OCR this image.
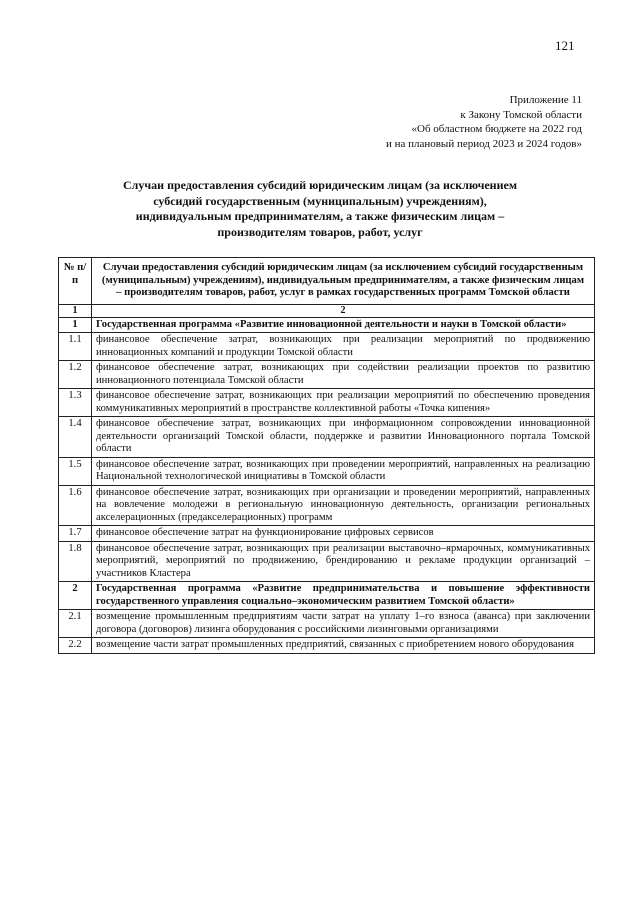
121
Приложение 11
к Закону Томской области
«Об областном бюджете на 2022 год
и на плановый период 2023 и 2024 годов»
Случаи предоставления субсидий юридическим лицам (за исключением
субсидий государственным (муниципальным) учреждениям),
индивидуальным предпринимателям, а также физическим лицам –
производителям товаров, работ, услуг
№ п/п	Случаи предоставления субсидий юридическим лицам (за исключением субсидий государственным (муниципальным) учреждениям), индивидуальным предпринимателям, а также физическим лицам – производителям товаров, работ, услуг в рамках государственных программ Томской области
1	2
1	Государственная программа «Развитие инновационной деятельности и науки в Томской области»
1.1	финансовое обеспечение затрат, возникающих при реализации мероприятий по продвижению инновационных компаний и продукции Томской области
1.2	финансовое обеспечение затрат, возникающих при содействии реализации проектов по развитию инновационного потенциала Томской области
1.3	финансовое обеспечение затрат, возникающих при реализации мероприятий по обеспечению проведения коммуникативных мероприятий в пространстве коллективной работы «Точка кипения»
1.4	финансовое обеспечение затрат, возникающих при информационном сопровождении инновационной деятельности организаций Томской области, поддержке и развитии Инновационного портала Томской области
1.5	финансовое обеспечение затрат, возникающих при проведении мероприятий, направленных на реализацию Национальной технологической инициативы в Томской области
1.6	финансовое обеспечение затрат, возникающих при организации и проведении мероприятий, направленных на вовлечение молодежи в региональную инновационную деятельность, организации региональных акселерационных (предакселерационных) программ
1.7	финансовое обеспечение затрат на функционирование цифровых сервисов
1.8	финансовое обеспечение затрат, возникающих при реализации выставочно–ярмарочных, коммуникативных мероприятий, мероприятий по продвижению, брендированию и рекламе продукции организаций – участников Кластера
2	Государственная программа «Развитие предпринимательства и повышение эффективности государственного управления социально–экономическим развитием Томской области»
2.1	возмещение промышленным предприятиям части затрат на уплату 1–го взноса (аванса) при заключении договора (договоров) лизинга оборудования с российскими лизинговыми организациями
2.2	возмещение части затрат промышленных предприятий, связанных с приобретением нового оборудования
